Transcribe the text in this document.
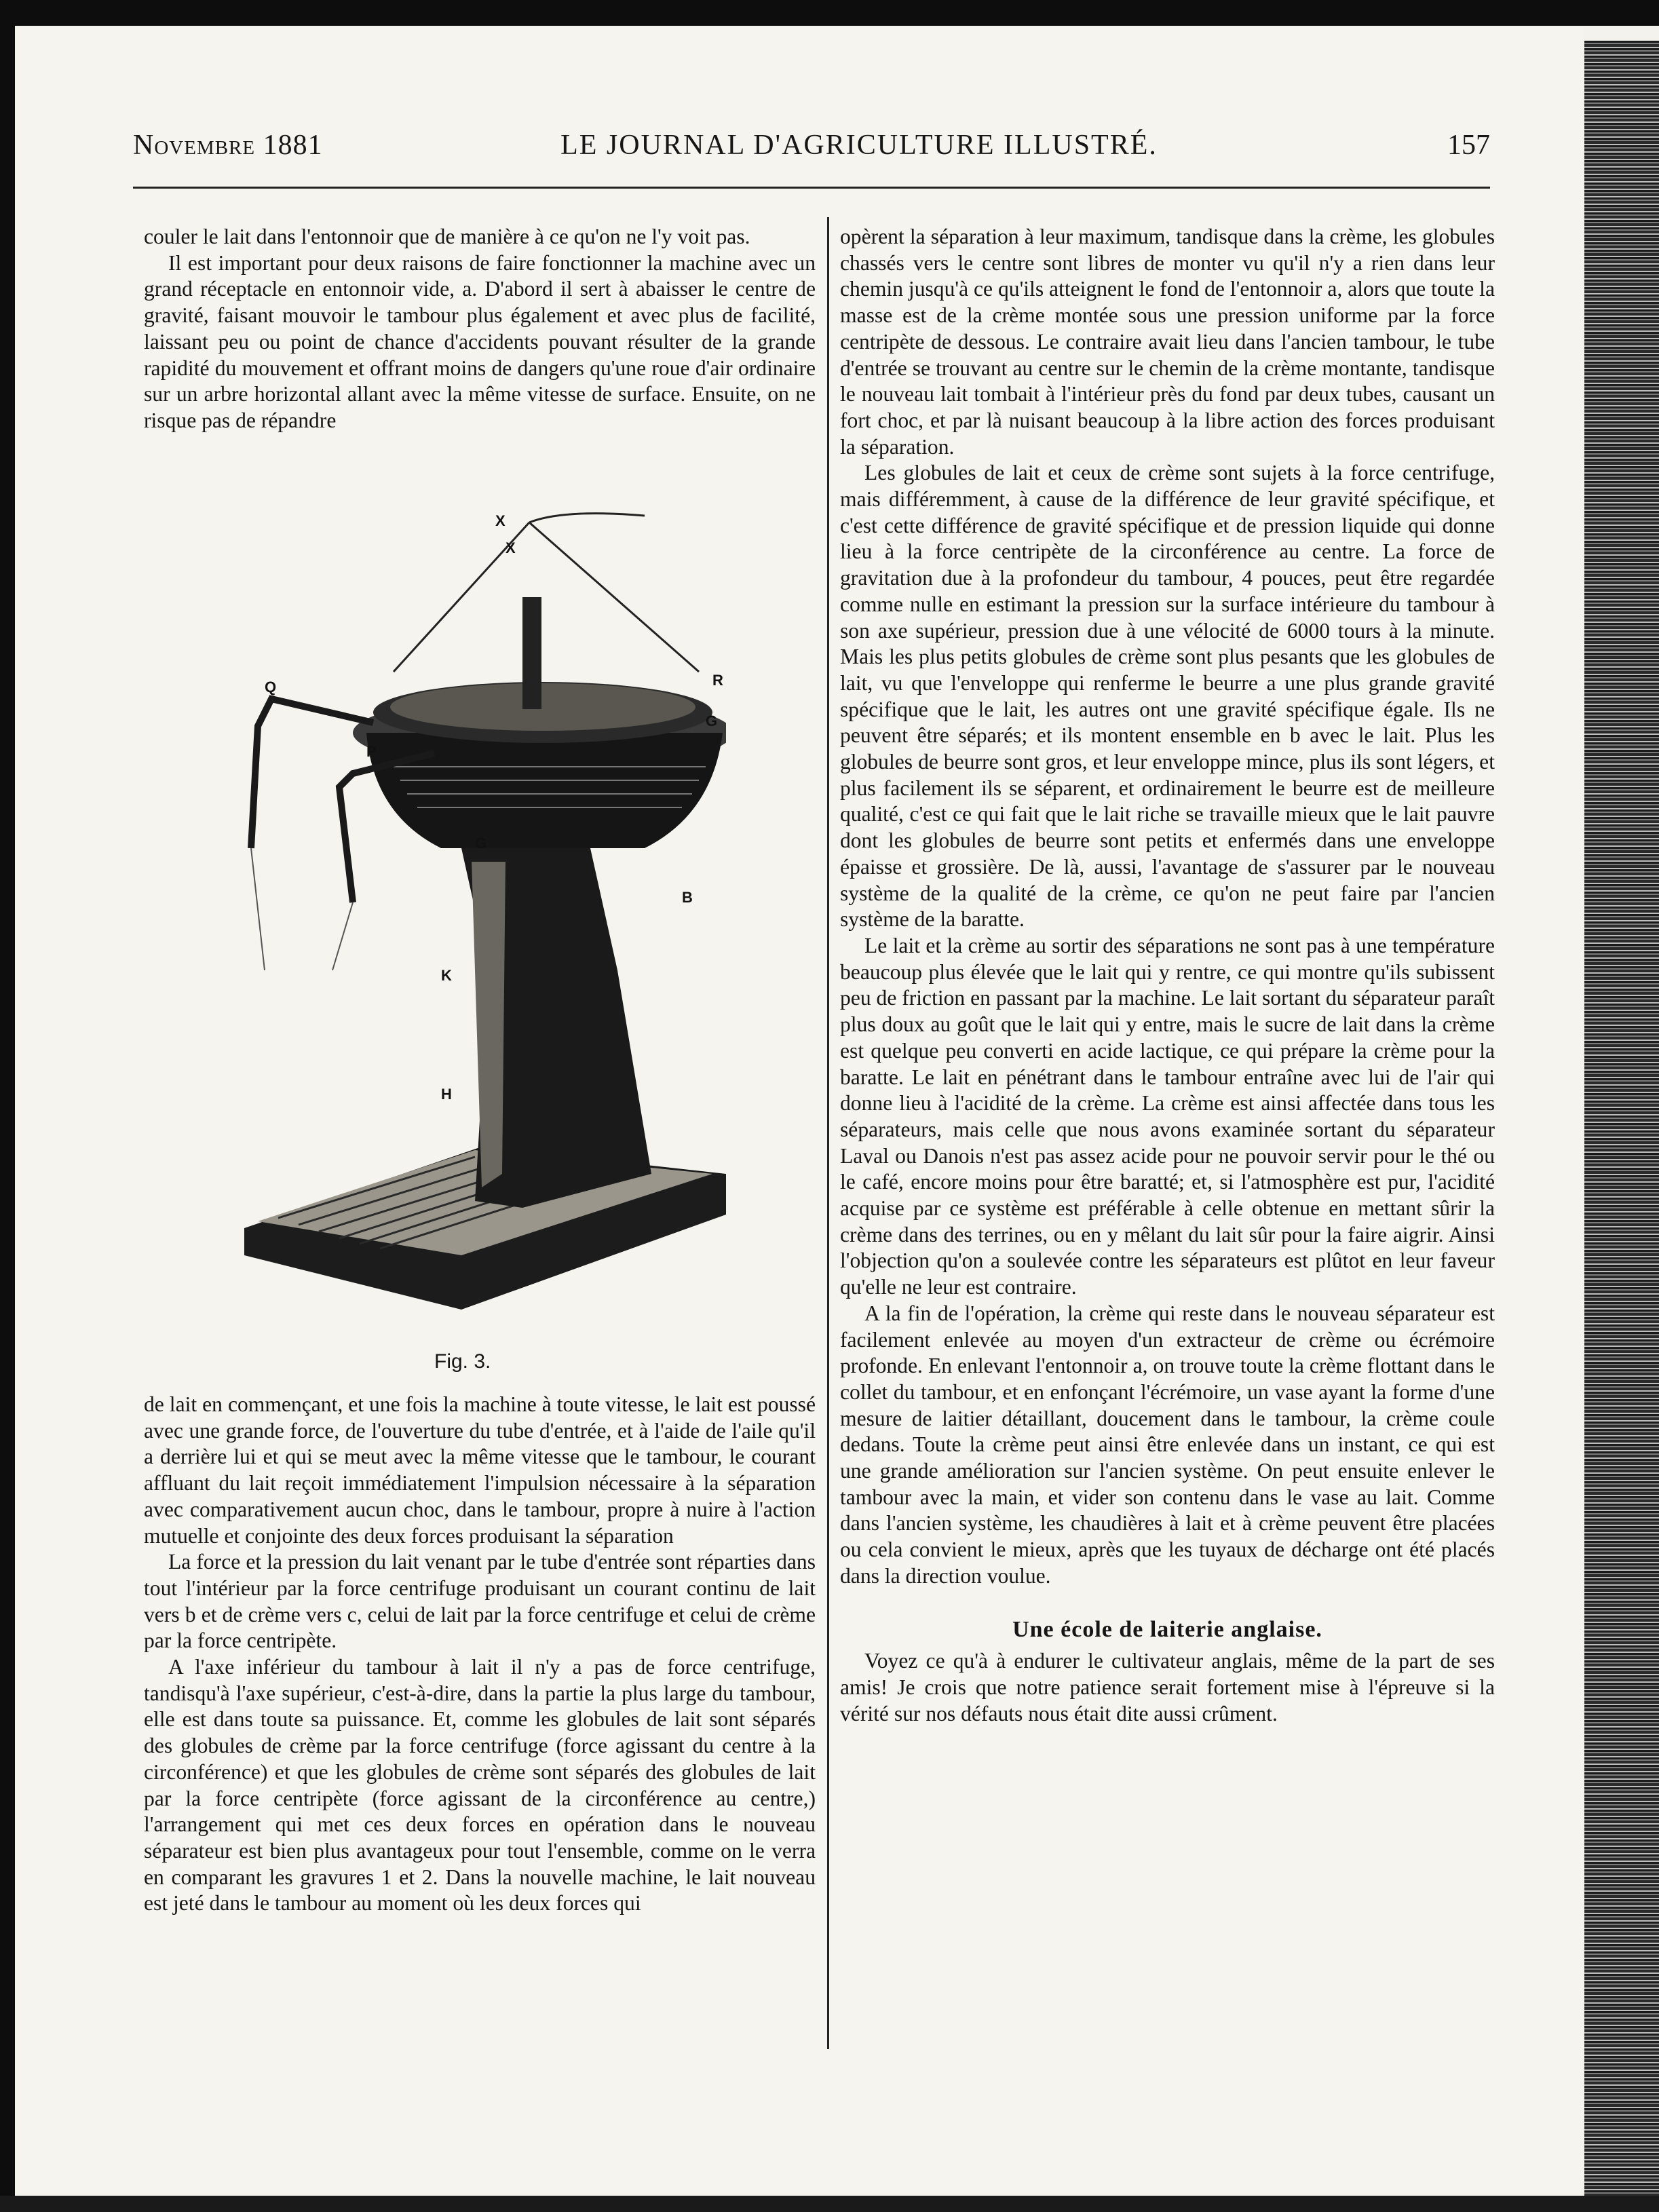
Novembre 1881	LE JOURNAL D'AGRICULTURE ILLUSTRÉ.	157

couler le lait dans l'entonnoir que de manière à ce qu'on ne l'y voit pas.

Il est important pour deux raisons de faire fonctionner la machine avec un grand réceptacle en entonnoir vide, a. D'abord il sert à abaisser le centre de gravité, faisant mouvoir le tambour plus également et avec plus de facilité, laissant peu ou point de chance d'accidents pouvant résulter de la grande rapidité du mouvement et offrant moins de dangers qu'une roue d'air ordinaire sur un arbre horizontal allant avec la même vitesse de surface. Ensuite, on ne risque pas de répandre

X
X
R
G
Q
P
G
B
K
H
Fig. 3.

de lait en commençant, et une fois la machine à toute vitesse, le lait est poussé avec une grande force, de l'ouverture du tube d'entrée, et à l'aide de l'aile qu'il a derrière lui et qui se meut avec la même vitesse que le tambour, le courant affluant du lait reçoit immédiatement l'impulsion nécessaire à la séparation avec comparativement aucun choc, dans le tambour, propre à nuire à l'action mutuelle et conjointe des deux forces produisant la séparation

La force et la pression du lait venant par le tube d'entrée sont réparties dans tout l'intérieur par la force centrifuge produisant un courant continu de lait vers b et de crème vers c, celui de lait par la force centrifuge et celui de crème par la force centripète.

A l'axe inférieur du tambour à lait il n'y a pas de force centrifuge, tandisqu'à l'axe supérieur, c'est-à-dire, dans la partie la plus large du tambour, elle est dans toute sa puissance. Et, comme les globules de lait sont séparés des globules de crème par la force centrifuge (force agissant du centre à la circonférence) et que les globules de crème sont séparés des globules de lait par la force centripète (force agissant de la circonférence au centre,) l'arrangement qui met ces deux forces en opération dans le nouveau séparateur est bien plus avantageux pour tout l'ensemble, comme on le verra en comparant les gravures 1 et 2. Dans la nouvelle machine, le lait nouveau est jeté dans le tambour au moment où les deux forces qui

opèrent la séparation à leur maximum, tandisque dans la crème, les globules chassés vers le centre sont libres de monter vu qu'il n'y a rien dans leur chemin jusqu'à ce qu'ils atteignent le fond de l'entonnoir a, alors que toute la masse est de la crème montée sous une pression uniforme par la force centripète de dessous. Le contraire avait lieu dans l'ancien tambour, le tube d'entrée se trouvant au centre sur le chemin de la crème montante, tandisque le nouveau lait tombait à l'intérieur près du fond par deux tubes, causant un fort choc, et par là nuisant beaucoup à la libre action des forces produisant la séparation.

Les globules de lait et ceux de crème sont sujets à la force centrifuge, mais différemment, à cause de la différence de leur gravité spécifique, et c'est cette différence de gravité spécifique et de pression liquide qui donne lieu à la force centripète de la circonférence au centre. La force de gravitation due à la profondeur du tambour, 4 pouces, peut être regardée comme nulle en estimant la pression sur la surface intérieure du tambour à son axe supérieur, pression due à une vélocité de 6000 tours à la minute. Mais les plus petits globules de crème sont plus pesants que les globules de lait, vu que l'enveloppe qui renferme le beurre a une plus grande gravité spécifique que le lait, les autres ont une gravité spécifique égale. Ils ne peuvent être séparés; et ils montent ensemble en b avec le lait. Plus les globules de beurre sont gros, et leur enveloppe mince, plus ils sont légers, et plus facilement ils se séparent, et ordinairement le beurre est de meilleure qualité, c'est ce qui fait que le lait riche se travaille mieux que le lait pauvre dont les globules de beurre sont petits et enfermés dans une enveloppe épaisse et grossière. De là, aussi, l'avantage de s'assurer par le nouveau système de la qualité de la crème, ce qu'on ne peut faire par l'ancien système de la baratte.

Le lait et la crème au sortir des séparations ne sont pas à une température beaucoup plus élevée que le lait qui y rentre, ce qui montre qu'ils subissent peu de friction en passant par la machine. Le lait sortant du séparateur paraît plus doux au goût que le lait qui y entre, mais le sucre de lait dans la crème est quelque peu converti en acide lactique, ce qui prépare la crème pour la baratte. Le lait en pénétrant dans le tambour entraîne avec lui de l'air qui donne lieu à l'acidité de la crème. La crème est ainsi affectée dans tous les séparateurs, mais celle que nous avons examinée sortant du séparateur Laval ou Danois n'est pas assez acide pour ne pouvoir servir pour le thé ou le café, encore moins pour être baratté; et, si l'atmosphère est pur, l'acidité acquise par ce système est préférable à celle obtenue en mettant sûrir la crème dans des terrines, ou en y mêlant du lait sûr pour la faire aigrir. Ainsi l'objection qu'on a soulevée contre les séparateurs est plûtot en leur faveur qu'elle ne leur est contraire.

A la fin de l'opération, la crème qui reste dans le nouveau séparateur est facilement enlevée au moyen d'un extracteur de crème ou écrémoire profonde. En enlevant l'entonnoir a, on trouve toute la crème flottant dans le collet du tambour, et en enfonçant l'écrémoire, un vase ayant la forme d'une mesure de laitier détaillant, doucement dans le tambour, la crème coule dedans. Toute la crème peut ainsi être enlevée dans un instant, ce qui est une grande amélioration sur l'ancien système. On peut ensuite enlever le tambour avec la main, et vider son contenu dans le vase au lait. Comme dans l'ancien système, les chaudières à lait et à crème peuvent être placées ou cela convient le mieux, après que les tuyaux de décharge ont été placés dans la direction voulue.

Une école de laiterie anglaise.

Voyez ce qu'à à endurer le cultivateur anglais, même de la part de ses amis! Je crois que notre patience serait fortement mise à l'épreuve si la vérité sur nos défauts nous était dite aussi crûment.
